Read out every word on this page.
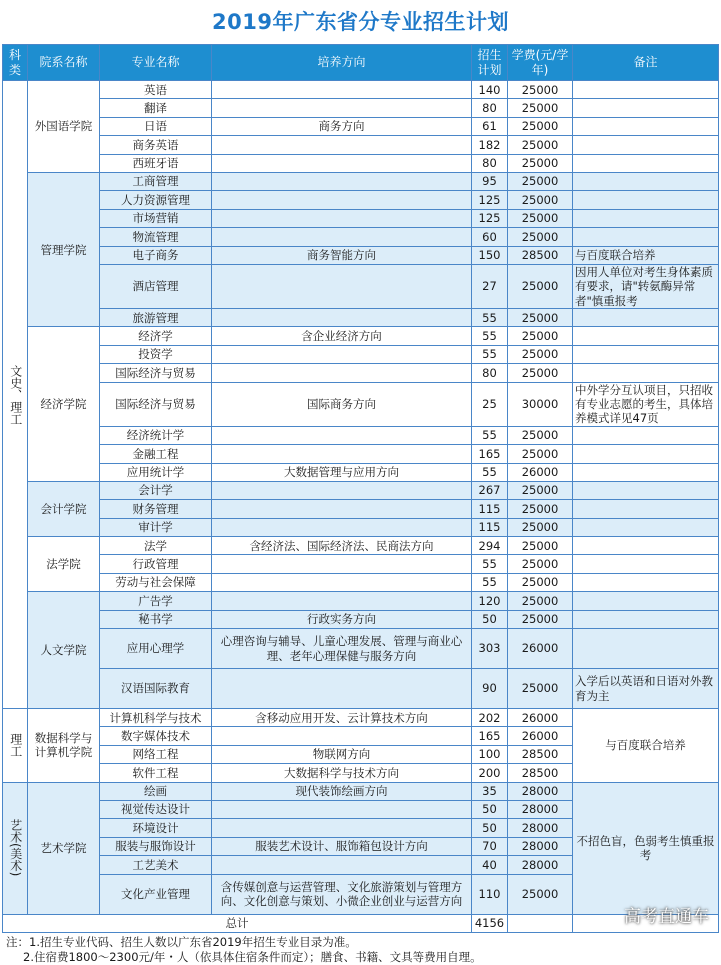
2019年广东省分专业招生计划
科类	院系名称	专业名称	培养方向	招生计划	学费(元/学年)	备注
文史、理工	外国语学院	英语		140	25000	
		翻译		80	25000	
		日语	商务方向	61	25000	
		商务英语		182	25000	
		西班牙语		80	25000	
	管理学院	工商管理		95	25000	
		人力资源管理		125	25000	
		市场营销		125	25000	
		物流管理		60	25000	
		电子商务	商务智能方向	150	28500	与百度联合培养
		酒店管理		27	25000	因用人单位对考生身体素质有要求，请"转氨酶异常者"慎重报考
		旅游管理		55	25000	
	经济学院	经济学	含企业经济方向	55	25000	
		投资学		55	25000	
		国际经济与贸易		80	25000	
		国际经济与贸易	国际商务方向	25	30000	中外学分互认项目，只招收有专业志愿的考生，具体培养模式详见47页
		经济统计学		55	25000	
		金融工程		165	25000	
		应用统计学	大数据管理与应用方向	55	26000	
	会计学院	会计学		267	25000	
		财务管理		115	25000	
		审计学		115	25000	
	法学院	法学	含经济法、国际经济法、民商法方向	294	25000	
		行政管理		55	25000	
		劳动与社会保障		55	25000	
	人文学院	广告学		120	25000	
		秘书学	行政实务方向	50	25000	
		应用心理学	心理咨询与辅导、儿童心理发展、管理与商业心理、老年心理保健与服务方向	303	26000	
		汉语国际教育		90	25000	入学后以英语和日语对外教育为主
理工	数据科学与计算机学院	计算机科学与技术	含移动应用开发、云计算技术方向	202	26000	与百度联合培养
		数字媒体技术		165	26000	
		网络工程	物联网方向	100	28500	
		软件工程	大数据科学与技术方向	200	28500	
艺术(美术)	艺术学院	绘画	现代装饰绘画方向	35	28000	不招色盲，色弱考生慎重报考
		视觉传达设计		50	28000	
		环境设计		50	28000	
		服装与服饰设计	服装艺术设计、服饰箱包设计方向	70	28000	
		工艺美术		40	28000	
		文化产业管理	含传媒创意与运营管理、文化旅游策划与管理方向、文化创意与策划、小微企业创业与运营方向	110	25000	
总计				4156		
注：1.招生专业代码、招生人数以广东省2019年招生专业目录为准。
2.住宿费1800～2300元/年・人（依具体住宿条件而定）；膳食、书籍、文具等费用自理。
高考直通车
